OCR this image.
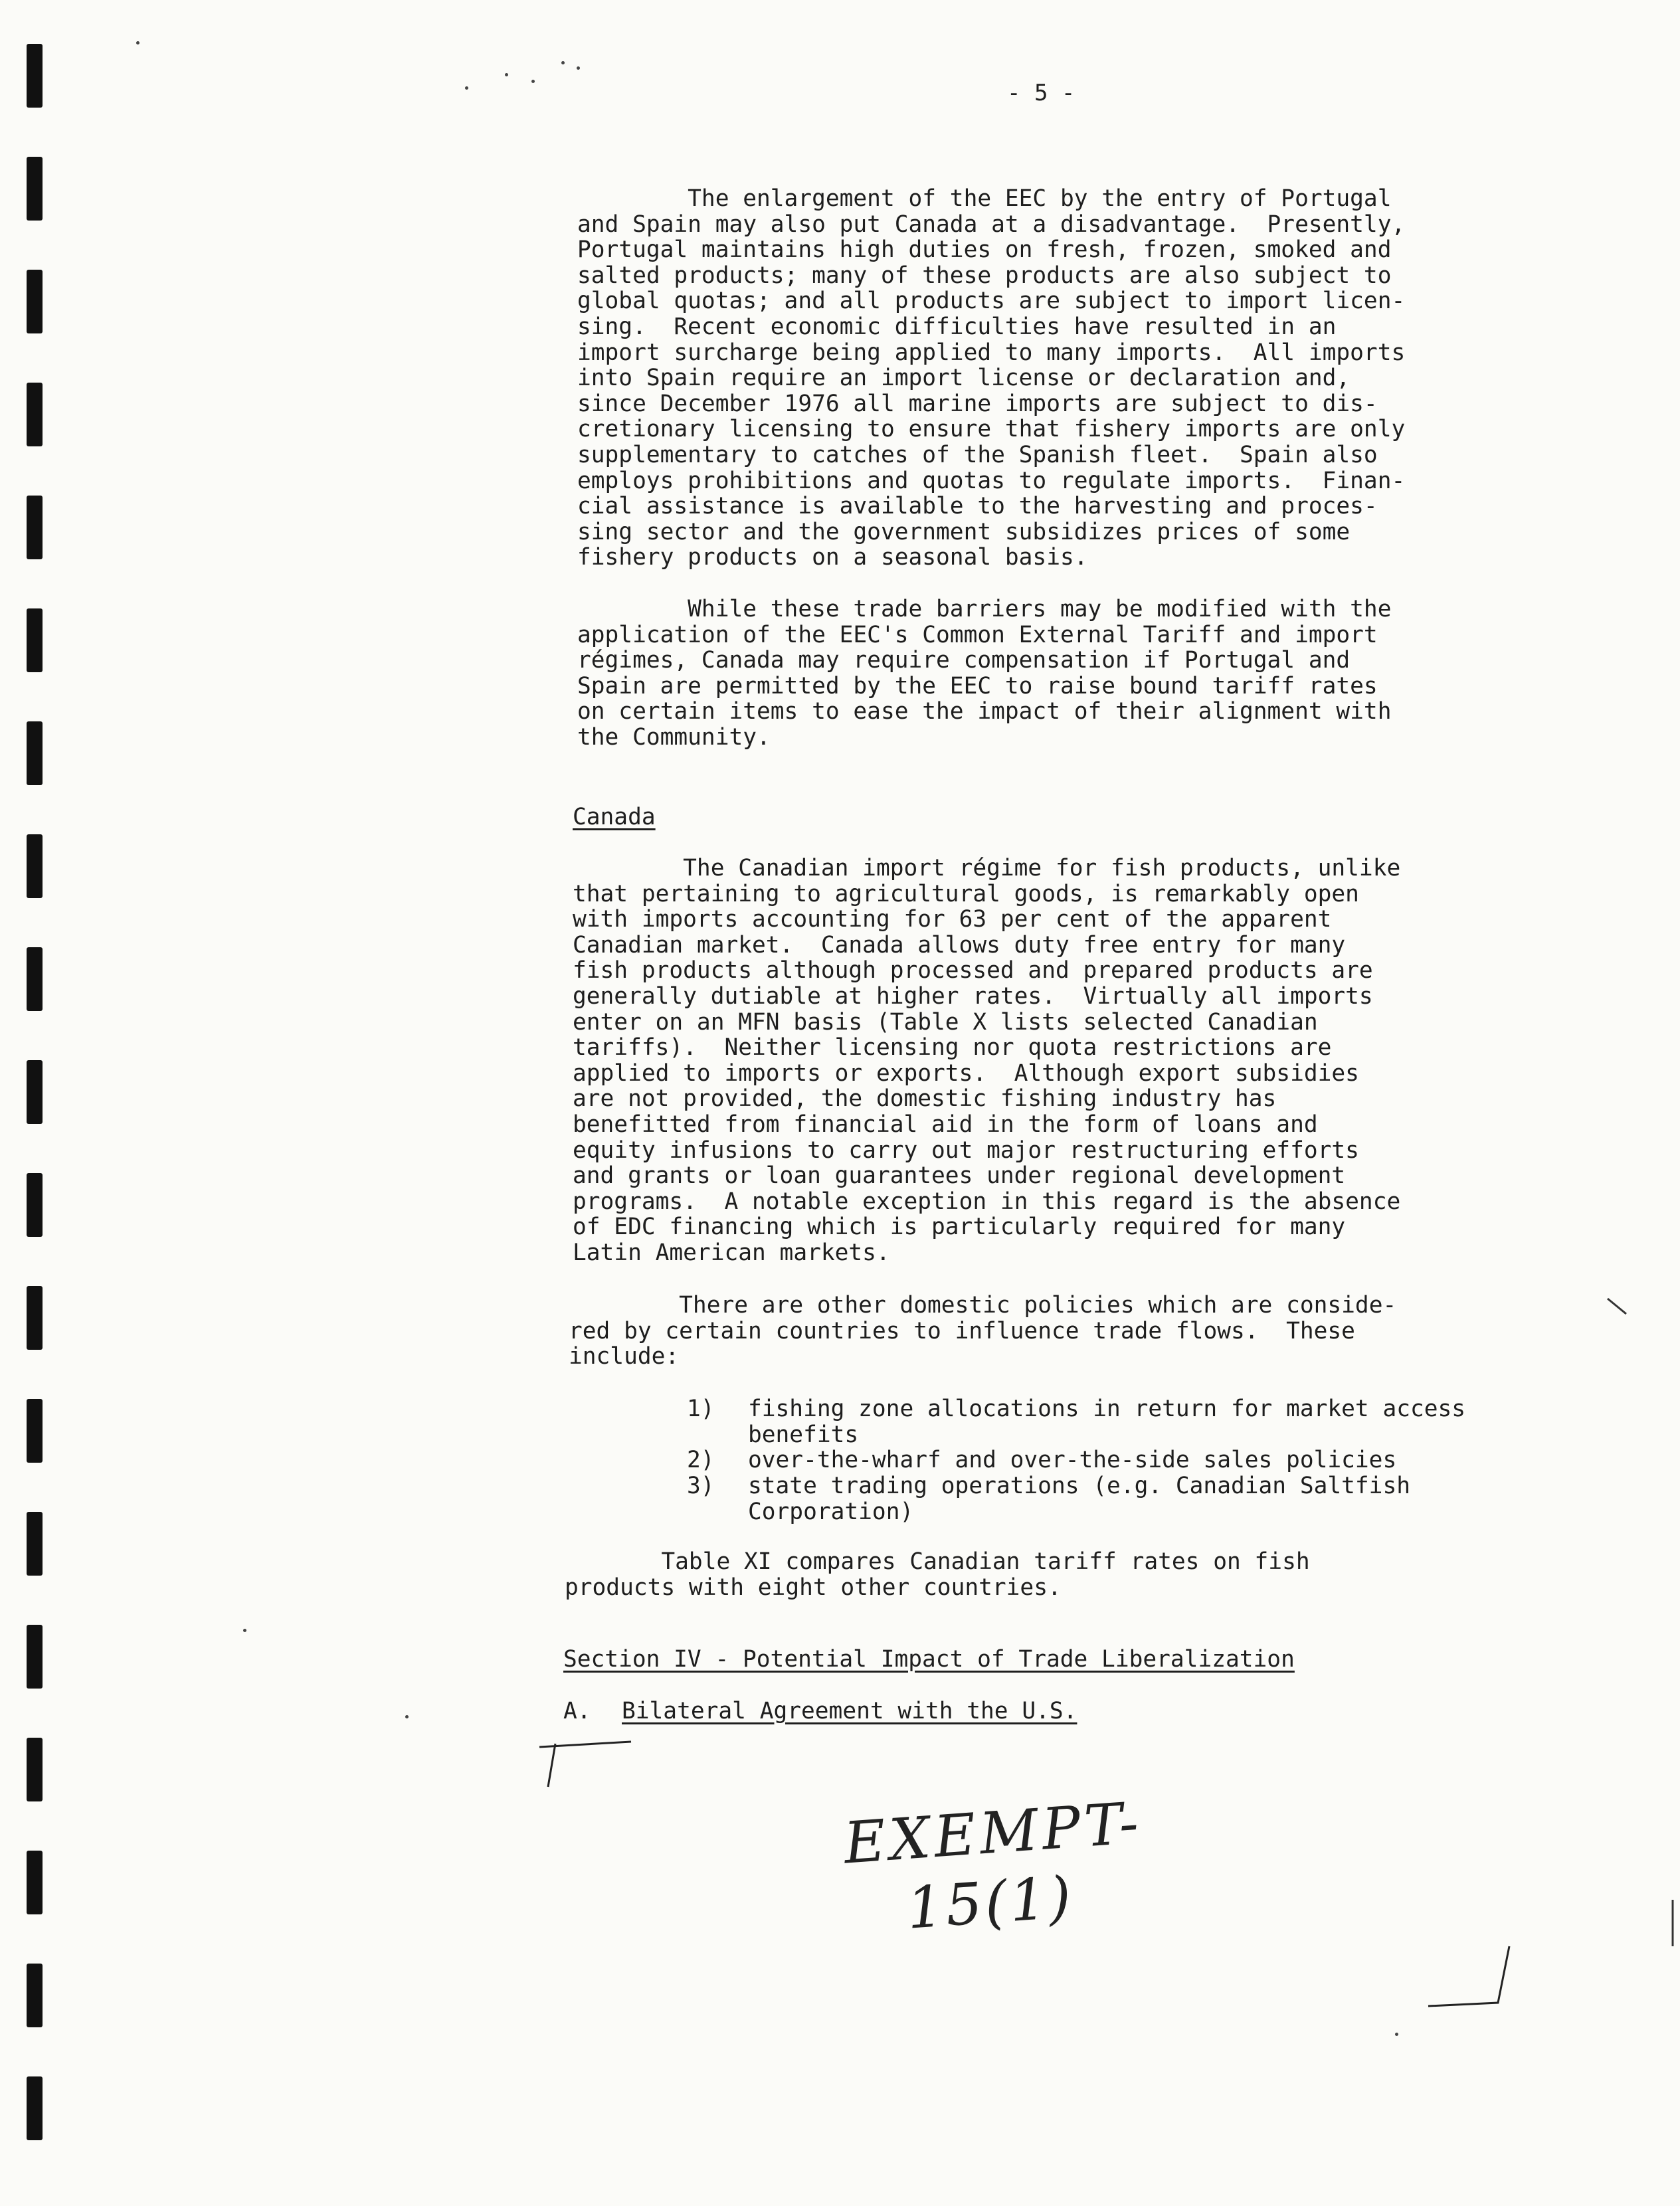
- 5 -
The enlargement of the EEC by the entry of Portugal
and Spain may also put Canada at a disadvantage.  Presently,
Portugal maintains high duties on fresh, frozen, smoked and
salted products; many of these products are also subject to
global quotas; and all products are subject to import licen-
sing.  Recent economic difficulties have resulted in an
import surcharge being applied to many imports.  All imports
into Spain require an import license or declaration and,
since December 1976 all marine imports are subject to dis-
cretionary licensing to ensure that fishery imports are only
supplementary to catches of the Spanish fleet.  Spain also
employs prohibitions and quotas to regulate imports.  Finan-
cial assistance is available to the harvesting and proces-
sing sector and the government subsidizes prices of some
fishery products on a seasonal basis.
While these trade barriers may be modified with the
application of the EEC's Common External Tariff and import
régimes, Canada may require compensation if Portugal and
Spain are permitted by the EEC to raise bound tariff rates
on certain items to ease the impact of their alignment with
the Community.
Canada
The Canadian import régime for fish products, unlike
that pertaining to agricultural goods, is remarkably open
with imports accounting for 63 per cent of the apparent
Canadian market.  Canada allows duty free entry for many
fish products although processed and prepared products are
generally dutiable at higher rates.  Virtually all imports
enter on an MFN basis (Table X lists selected Canadian
tariffs).  Neither licensing nor quota restrictions are
applied to imports or exports.  Although export subsidies
are not provided, the domestic fishing industry has
benefitted from financial aid in the form of loans and
equity infusions to carry out major restructuring efforts
and grants or loan guarantees under regional development
programs.  A notable exception in this regard is the absence
of EDC financing which is particularly required for many
Latin American markets.
There are other domestic policies which are conside-
red by certain countries to influence trade flows.  These
include:
1) fishing zone allocations in return for market access benefits
2) over-the-wharf and over-the-side sales policies
3) state trading operations (e.g. Canadian Saltfish Corporation)
Table XI compares Canadian tariff rates on fish
products with eight other countries.
Section IV - Potential Impact of Trade Liberalization
A. Bilateral Agreement with the U.S.
EXEMPT-
15(1)
